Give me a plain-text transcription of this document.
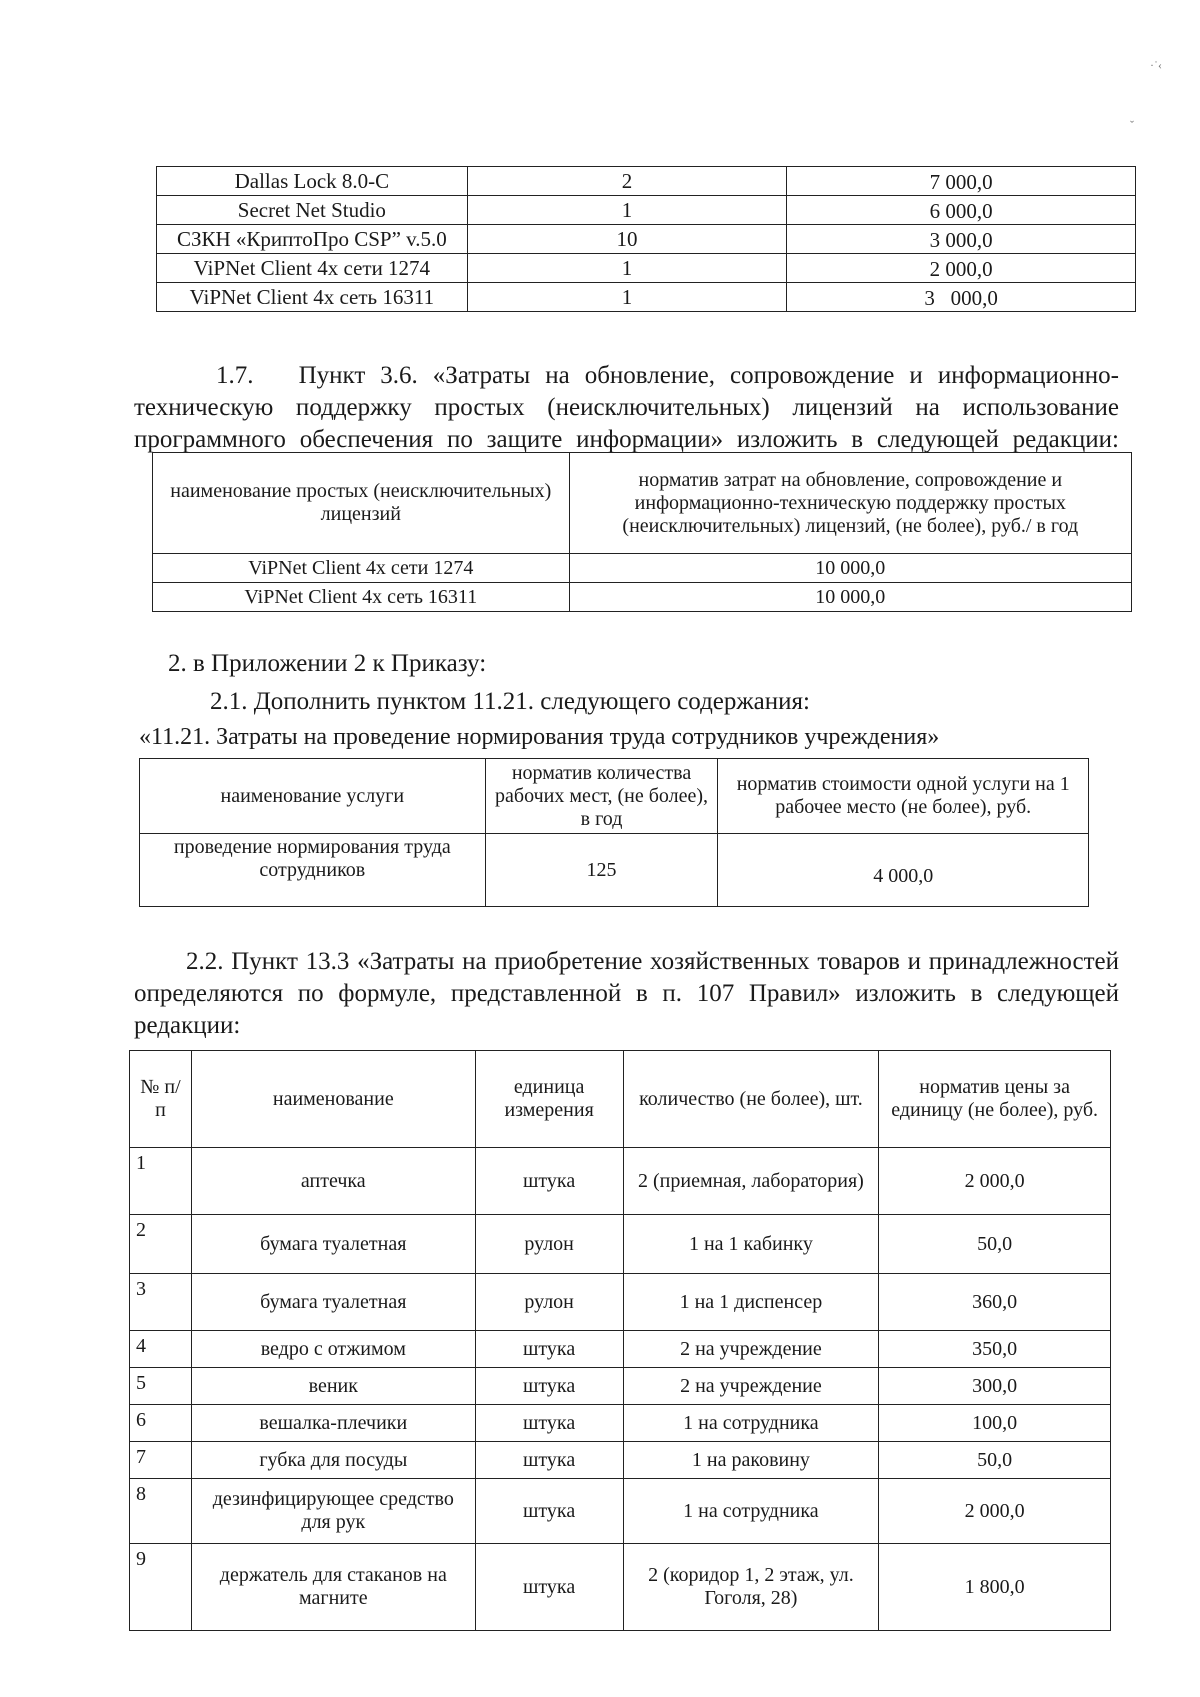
·˙‹
ˇ
Dallas Lock 8.0-С	2	7 000,0
Secret Net Studio	1	6 000,0
СЗКН «КриптоПро CSP” v.5.0	10	3 000,0
ViPNet Client 4x сети 1274	1	2 000,0
ViPNet Client 4x сеть 16311	1	3   000,0
1.7. Пункт 3.6. «Затраты на обновление, сопровождение и информационно-техническую поддержку простых (неисключительных) лицензий на использование программного обеспечения по защите информации» изложить в следующей редакции:
наименование простых (неисключительных) лицензий	норматив затрат на обновление, сопровождение и информационно-техническую поддержку простых (неисключительных) лицензий, (не более), руб./ в год
ViPNet Client 4x сети 1274	10 000,0
ViPNet Client 4x сеть 16311	10 000,0
2. в Приложении 2 к Приказу:
2.1. Дополнить пунктом 11.21. следующего содержания:
«11.21. Затраты на проведение нормирования труда сотрудников учреждения»
наименование услуги	норматив количества рабочих мест, (не более), в год	норматив стоимости одной услуги на 1 рабочее место (не более), руб.
проведение нормирования труда сотрудников	125	4 000,0
2.2. Пункт 13.3 «Затраты на приобретение хозяйственных товаров и принадлежностей определяются по формуле, представленной в п. 107 Правил» изложить в следующей редакции:
№ п/п	наименование	единица измерения	количество (не более), шт.	норматив цены за единицу (не более), руб.
1	аптечка	штука	2 (приемная, лаборатория)	2 000,0
2	бумага туалетная	рулон	1 на 1 кабинку	50,0
3	бумага туалетная	рулон	1 на 1 диспенсер	360,0
4	ведро с отжимом	штука	2 на учреждение	350,0
5	веник	штука	2 на учреждение	300,0
6	вешалка-плечики	штука	1 на сотрудника	100,0
7	губка для посуды	штука	1 на раковину	50,0
8	дезинфицирующее средство для рук	штука	1 на сотрудника	2 000,0
9	держатель для стаканов на магните	штука	2 (коридор 1, 2 этаж, ул. Гоголя, 28)	1 800,0
